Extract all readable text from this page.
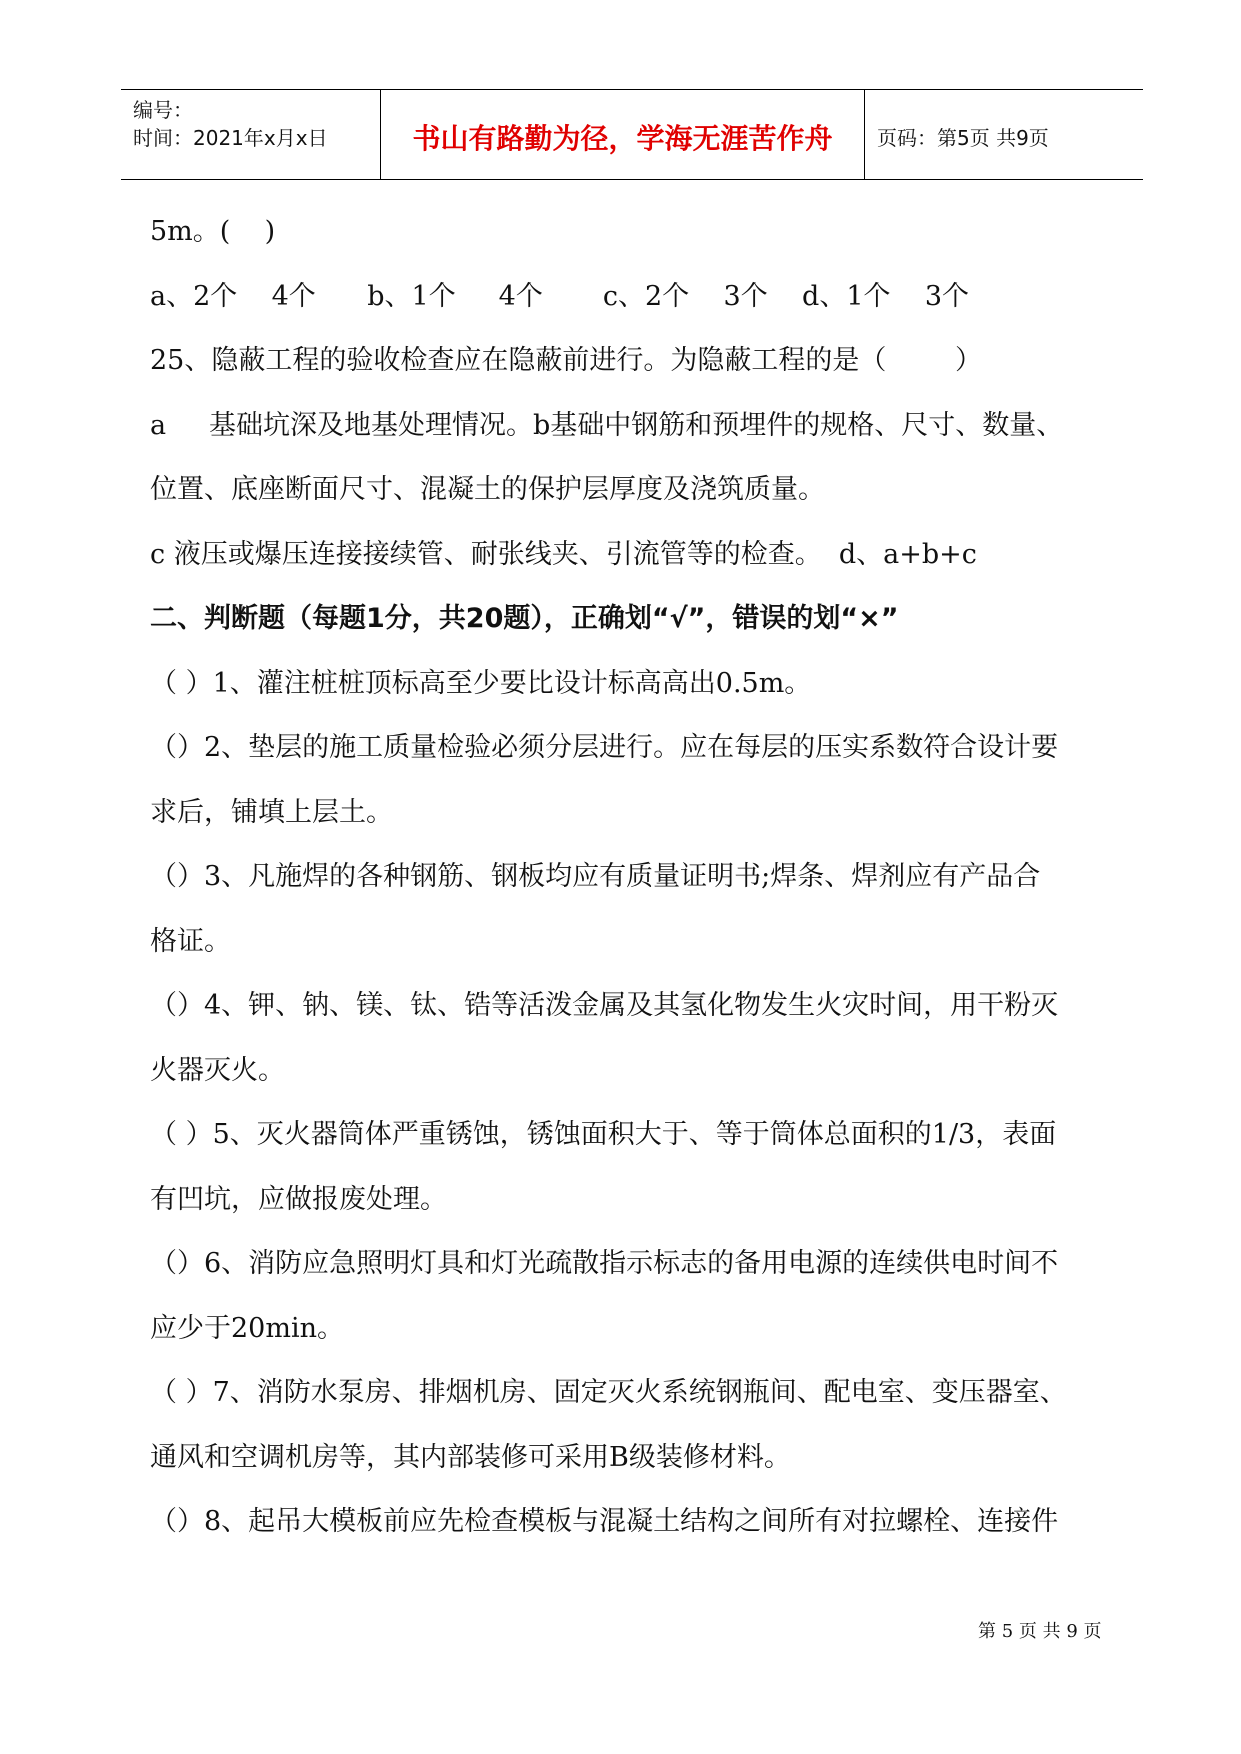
编号：
时间：2021年x月x日	书山有路勤为径，学海无涯苦作舟	页码：第5页 共9页
5m。(    )
a、2个    4个      b、1个     4个       c、2个    3个    d、1个    3个
25、隐蔽工程的验收检查应在隐蔽前进行。为隐蔽工程的是（        ）
a     基础坑深及地基处理情况。b基础中钢筋和预埋件的规格、尺寸、数量、
位置、底座断面尺寸、混凝土的保护层厚度及浇筑质量。
c 液压或爆压连接接续管、耐张线夹、引流管等的检查。  d、a+b+c
二、判断题（每题1分，共20题），正确划“√”，错误的划“×”
（ ）1、灌注桩桩顶标高至少要比设计标高高出0.5m。
（）2、垫层的施工质量检验必须分层进行。应在每层的压实系数符合设计要
求后，铺填上层土。
（）3、凡施焊的各种钢筋、钢板均应有质量证明书;焊条、焊剂应有产品合
格证。
（）4、钾、钠、镁、钛、锆等活泼金属及其氢化物发生火灾时间，用干粉灭
火器灭火。
（ ）5、灭火器筒体严重锈蚀，锈蚀面积大于、等于筒体总面积的1/3，表面
有凹坑，应做报废处理。
（）6、消防应急照明灯具和灯光疏散指示标志的备用电源的连续供电时间不
应少于20min。
（ ）7、消防水泵房、排烟机房、固定灭火系统钢瓶间、配电室、变压器室、
通风和空调机房等，其内部装修可采用B级装修材料。
（）8、起吊大模板前应先检查模板与混凝土结构之间所有对拉螺栓、连接件
第 5 页 共 9 页
